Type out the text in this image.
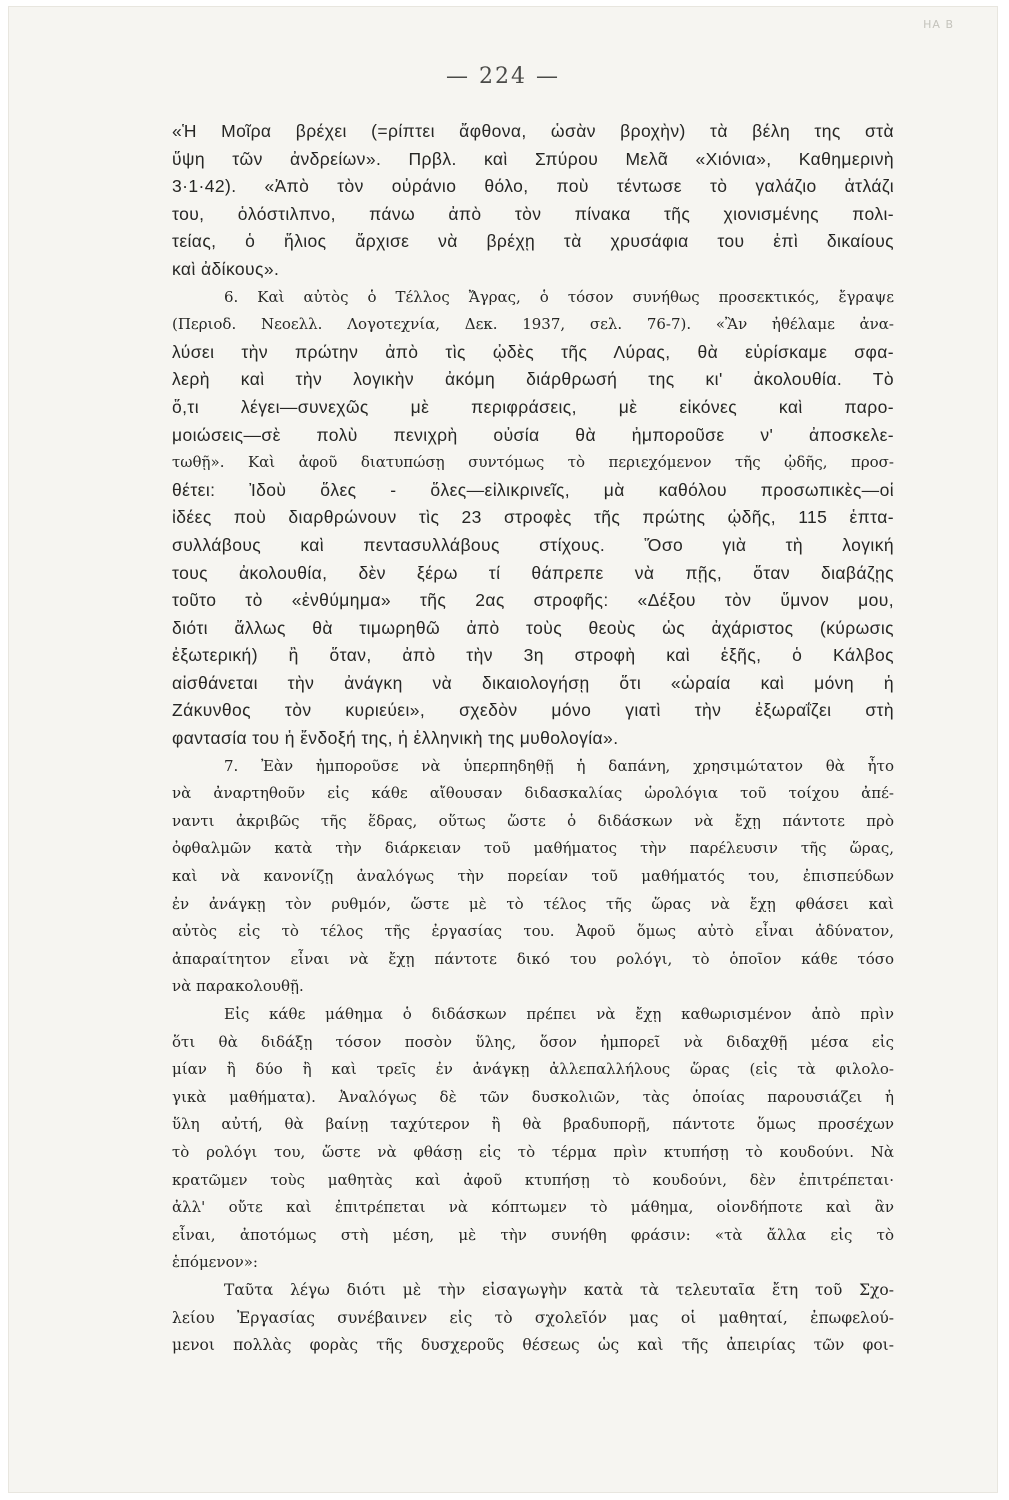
ΗΑ Β
— 224 —
«Ἡ Μοῖρα βρέχει (=ρίπτει ἄφθονα, ὡσὰν βροχὴν) τὰ βέλη της στὰ
ὕψη τῶν ἀνδρείων». Πρβλ. καὶ Σπύρου Μελᾶ «Χιόνια», Καθημερινὴ
3·1·42). «Ἀπὸ τὸν οὐράνιο θόλο, ποὺ τέντωσε τὸ γαλάζιο ἀτλάζι
του, ὁλόστιλπνο, πάνω ἀπὸ τὸν πίνακα τῆς χιονισμένης πολι-
τείας, ὁ ἥλιος ἄρχισε νὰ βρέχῃ τὰ χρυσάφια του ἐπὶ δικαίους
καὶ ἀδίκους».
6. Καὶ αὐτὸς ὁ Τέλλος Ἄγρας, ὁ τόσον συνήθως προσεκτικός, ἔγραψε
(Περιοδ. Νεοελλ. Λογοτεχνία, Δεκ. 1937, σελ. 76-7). «Ἂν ἠθέλαμε ἀνα-
λύσει τὴν πρώτην ἀπὸ τὶς ᾠδὲς τῆς Λύρας, θὰ εὑρίσκαμε σφα-
λερὴ καὶ τὴν λογικὴν ἀκόμη διάρθρωσή της κι' ἀκολουθία. Τὸ
ὅ,τι λέγει—συνεχῶς μὲ περιφράσεις, μὲ εἰκόνες καὶ παρο-
μοιώσεις—σὲ πολὺ πενιχρὴ οὐσία θὰ ἠμποροῦσε ν' ἀποσκελε-
τωθῇ». Καὶ ἀφοῦ διατυπώσῃ συντόμως τὸ περιεχόμενον τῆς ᾠδῆς, προσ-
θέτει: Ἰδοὺ ὅλες - ὅλες—εἰλικρινεῖς, μὰ καθόλου προσωπικὲς—οἱ
ἰδέες ποὺ διαρθρώνουν τὶς 23 στροφὲς τῆς πρώτης ᾠδῆς, 115 ἑπτα-
συλλάβους καὶ πεντασυλλάβους στίχους. Ὅσο γιὰ τὴ λογική
τους ἀκολουθία, δὲν ξέρω τί θάπρεπε νὰ πῇς, ὅταν διαβάζῃς
τοῦτο τὸ «ἐνθύμημα» τῆς 2ας στροφῆς: «Δέξου τὸν ὕμνον μου,
διότι ἄλλως θὰ τιμωρηθῶ ἀπὸ τοὺς θεοὺς ὡς ἀχάριστος (κύρωσις
ἐξωτερική) ἢ ὅταν, ἀπὸ τὴν 3η στροφὴ καὶ ἑξῆς, ὁ Κάλβος
αἰσθάνεται τὴν ἀνάγκη νὰ δικαιολογήσῃ ὅτι «ὡραία καὶ μόνη ἡ
Ζάκυνθος τὸν κυριεύει», σχεδὸν μόνο γιατὶ τὴν ἐξωραΐζει στὴ
φαντασία του ἡ ἔνδοξή της, ἡ ἑλληνικὴ της μυθολογία».
7. Ἐὰν ἠμποροῦσε νὰ ὑπερπηδηθῇ ἡ δαπάνη, χρησιμώτατον θὰ ἦτο
νὰ ἀναρτηθοῦν εἰς κάθε αἴθουσαν διδασκαλίας ὡρολόγια τοῦ τοίχου ἀπέ-
ναντι ἀκριβῶς τῆς ἕδρας, οὕτως ὥστε ὁ διδάσκων νὰ ἔχῃ πάντοτε πρὸ
ὀφθαλμῶν κατὰ τὴν διάρκειαν τοῦ μαθήματος τὴν παρέλευσιν τῆς ὥρας,
καὶ νὰ κανονίζῃ ἀναλόγως τὴν πορείαν τοῦ μαθήματός του, ἐπισπεύδων
ἐν ἀνάγκῃ τὸν ρυθμόν, ὥστε μὲ τὸ τέλος τῆς ὥρας νὰ ἔχῃ φθάσει καὶ
αὐτὸς εἰς τὸ τέλος τῆς ἐργασίας του. Ἀφοῦ ὅμως αὐτὸ εἶναι ἀδύνατον,
ἀπαραίτητον εἶναι νὰ ἔχῃ πάντοτε δικό του ρολόγι, τὸ ὁποῖον κάθε τόσο
νὰ παρακολουθῇ.
Εἰς κάθε μάθημα ὁ διδάσκων πρέπει νὰ ἔχῃ καθωρισμένον ἀπὸ πρὶν
ὅτι θὰ διδάξῃ τόσον ποσὸν ὕλης, ὅσον ἠμπορεῖ νὰ διδαχθῇ μέσα εἰς
μίαν ἢ δύο ἢ καὶ τρεῖς ἐν ἀνάγκῃ ἀλλεπαλλήλους ὥρας (εἰς τὰ φιλολο-
γικὰ μαθήματα). Ἀναλόγως δὲ τῶν δυσκολιῶν, τὰς ὁποίας παρουσιάζει ἡ
ὕλη αὐτή, θὰ βαίνῃ ταχύτερον ἢ θὰ βραδυπορῇ, πάντοτε ὅμως προσέχων
τὸ ρολόγι του, ὥστε νὰ φθάσῃ εἰς τὸ τέρμα πρὶν κτυπήσῃ τὸ κουδούνι. Νὰ
κρατῶμεν τοὺς μαθητὰς καὶ ἀφοῦ κτυπήσῃ τὸ κουδούνι, δὲν ἐπιτρέπεται·
ἀλλ' οὔτε καὶ ἐπιτρέπεται νὰ κόπτωμεν τὸ μάθημα, οἱονδήποτε καὶ ἂν
εἶναι, ἀποτόμως στὴ μέση, μὲ τὴν συνήθη φράσιν: «τὰ ἄλλα εἰς τὸ
ἑπόμενον»:
Ταῦτα λέγω διότι μὲ τὴν εἰσαγωγὴν κατὰ τὰ τελευταῖα ἔτη τοῦ Σχο-
λείου Ἐργασίας συνέβαινεν εἰς τὸ σχολεῖόν μας οἱ μαθηταί, ἐπωφελού-
μενοι πολλὰς φορὰς τῆς δυσχεροῦς θέσεως ὡς καὶ τῆς ἀπειρίας τῶν φοι-
